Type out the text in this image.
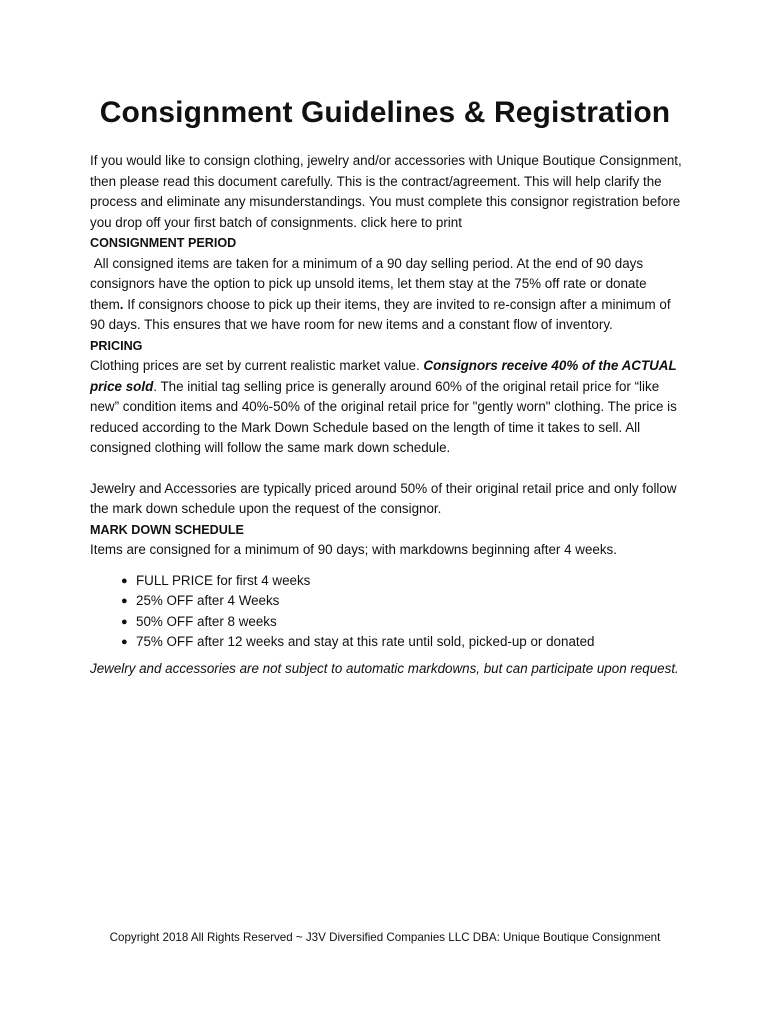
Consignment Guidelines & Registration

If you would like to consign clothing, jewelry and/or accessories with Unique Boutique Consignment, then please read this document carefully. This is the contract/agreement. This will help clarify the process and eliminate any misunderstandings. You must complete this consignor registration before you drop off your first batch of consignments. click here to print

CONSIGNMENT PERIOD

All consigned items are taken for a minimum of a 90 day selling period. At the end of 90 days consignors have the option to pick up unsold items, let them stay at the 75% off rate or donate them. If consignors choose to pick up their items, they are invited to re-consign after a minimum of 90 days. This ensures that we have room for new items and a constant flow of inventory.

PRICING

Clothing prices are set by current realistic market value. Consignors receive 40% of the ACTUAL price sold. The initial tag selling price is generally around 60% of the original retail price for “like new” condition items and 40%-50% of the original retail price for "gently worn" clothing. The price is reduced according to the Mark Down Schedule based on the length of time it takes to sell. All consigned clothing will follow the same mark down schedule.

Jewelry and Accessories are typically priced around 50% of their original retail price and only follow the mark down schedule upon the request of the consignor.

MARK DOWN SCHEDULE

Items are consigned for a minimum of 90 days; with markdowns beginning after 4 weeks.

● FULL PRICE for first 4 weeks
● 25% OFF after 4 Weeks
● 50% OFF after 8 weeks
● 75% OFF after 12 weeks and stay at this rate until sold, picked-up or donated

Jewelry and accessories are not subject to automatic markdowns, but can participate upon request.

Copyright 2018 All Rights Reserved ~ J3V Diversified Companies LLC DBA: Unique Boutique Consignment
